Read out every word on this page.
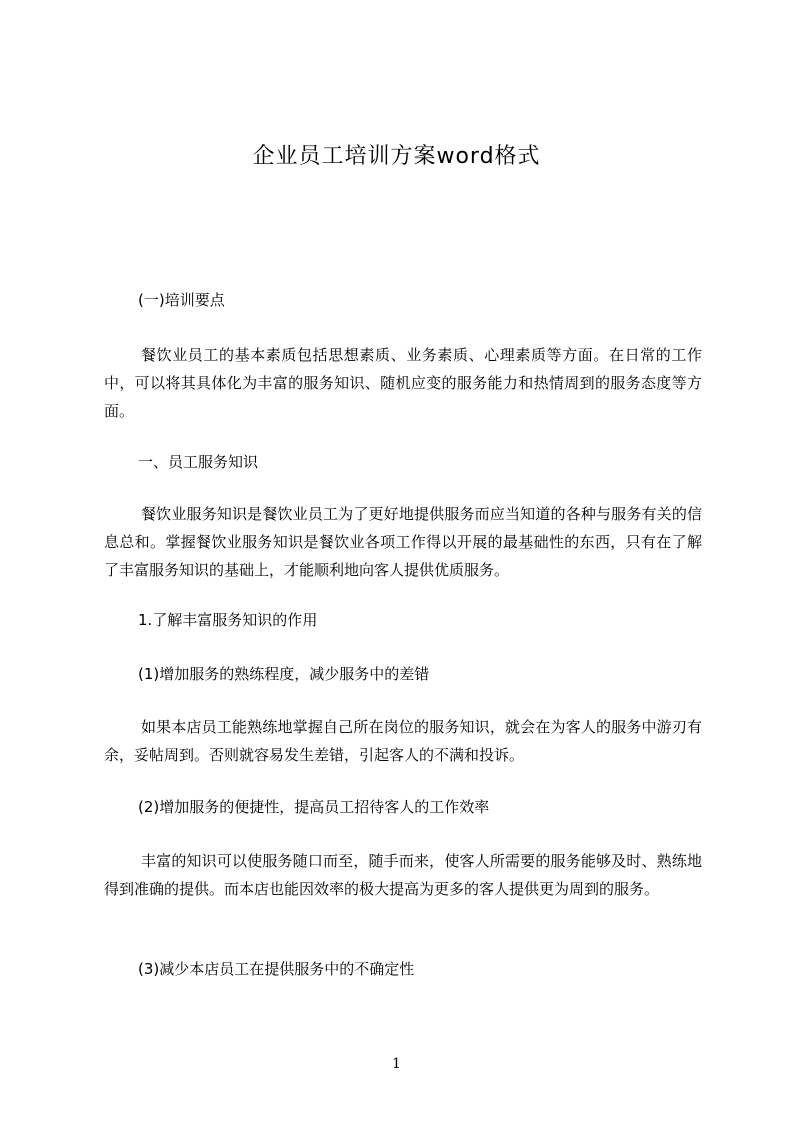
企业员工培训方案word格式
(一)培训要点
餐饮业员工的基本素质包括思想素质、业务素质、心理素质等方面。在日常的工作中，可以将其具体化为丰富的服务知识、随机应变的服务能力和热情周到的服务态度等方面。
一、员工服务知识
餐饮业服务知识是餐饮业员工为了更好地提供服务而应当知道的各种与服务有关的信息总和。掌握餐饮业服务知识是餐饮业各项工作得以开展的最基础性的东西，只有在了解了丰富服务知识的基础上，才能顺利地向客人提供优质服务。
1.了解丰富服务知识的作用
(1)增加服务的熟练程度，减少服务中的差错
如果本店员工能熟练地掌握自己所在岗位的服务知识，就会在为客人的服务中游刃有余，妥帖周到。否则就容易发生差错，引起客人的不满和投诉。
(2)增加服务的便捷性，提高员工招待客人的工作效率
丰富的知识可以使服务随口而至，随手而来，使客人所需要的服务能够及时、熟练地得到准确的提供。而本店也能因效率的极大提高为更多的客人提供更为周到的服务。
(3)减少本店员工在提供服务中的不确定性
1
